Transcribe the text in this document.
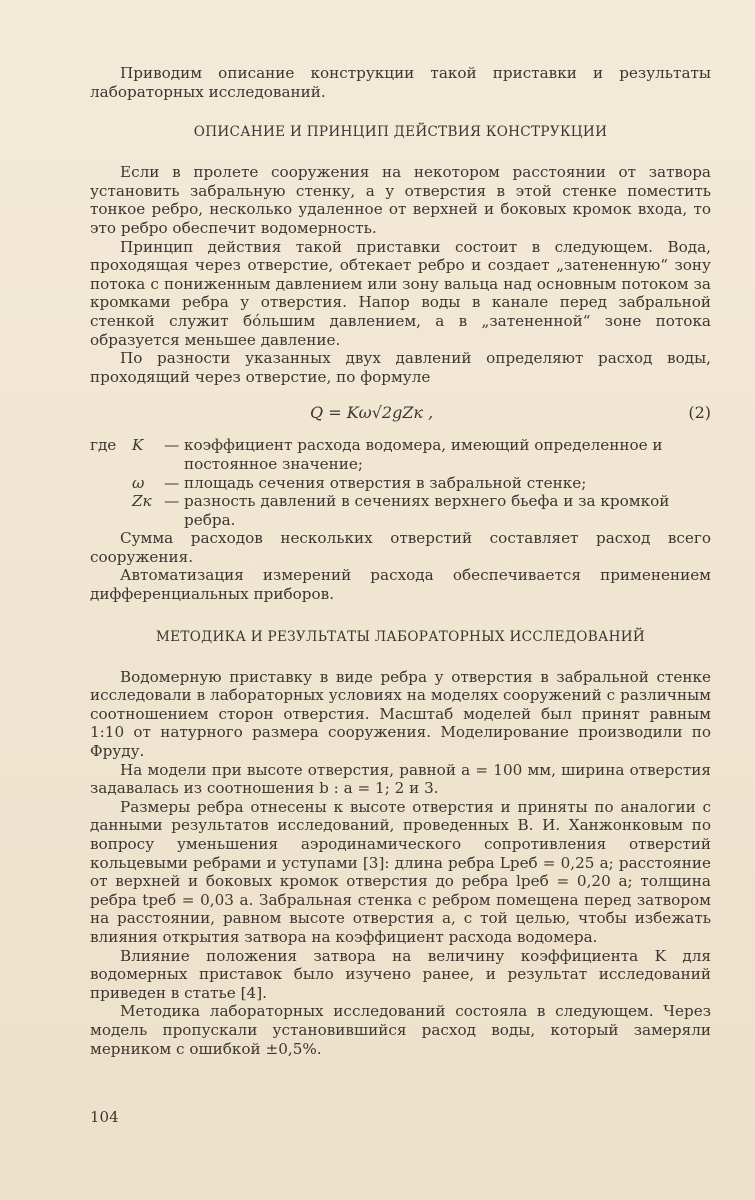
Приводим описание конструкции такой приставки и результаты лабораторных исследований.

ОПИСАНИЕ И ПРИНЦИП ДЕЙСТВИЯ КОНСТРУКЦИИ

Если в пролете сооружения на некотором расстоянии от затвора установить забральную стенку, а у отверстия в этой стенке поместить тонкое ребро, несколько удаленное от верхней и боковых кромок входа, то это ребро обеспечит водомерность.

Принцип действия такой приставки состоит в следующем. Вода, проходящая через отверстие, обтекает ребро и создает „затененную“ зону потока с пониженным давлением или зону вальца над основным потоком за кромками ребра у отверстия. Напор воды в канале перед забральной стенкой служит бо́льшим давлением, а в „затененной“ зоне потока образуется меньшее давление.

По разности указанных двух давлений определяют расход воды, проходящий через отверстие, по формуле

Q = Kω√2gZк ,	(2)
где	K	— коэффициент расхода водомера, имеющий определенное и
постоянное значение;
ω	— площадь сечения отверстия в забральной стенке;
Zк — разность давлений в сечениях верхнего бьефа и за кромкой
ребра.

Сумма расходов нескольких отверстий составляет расход всего сооружения.

Автоматизация измерений расхода обеспечивается применением дифференциальных приборов.

МЕТОДИКА И РЕЗУЛЬТАТЫ ЛАБОРАТОРНЫХ ИССЛЕДОВАНИЙ

Водомерную приставку в виде ребра у отверстия в забральной стенке исследовали в лабораторных условиях на моделях сооружений с различным соотношением сторон отверстия. Масштаб моделей был принят равным 1:10 от натурного размера сооружения. Моделирование производили по Фруду.

На модели при высоте отверстия, равной a = 100 мм, ширина отверстия задавалась из соотношения b : a = 1; 2 и 3.

Размеры ребра отнесены к высоте отверстия и приняты по аналогии с данными результатов исследований, проведенных В. И. Ханжонковым по вопросу уменьшения аэродинамического сопротивления отверстий кольцевыми ребрами и уступами [3]: длина ребра Lреб = 0,25 a; расстояние от верхней и боковых кромок отверстия до ребра lреб = 0,20 a; толщина ребра tреб = 0,03 a. Забральная стенка с ребром помещена перед затвором на расстоянии, равном высоте отверстия a, с той целью, чтобы избежать влияния открытия затвора на коэффициент расхода водомера.

Влияние положения затвора на величину коэффициента K для водомерных приставок было изучено ранее, и результат исследований приведен в статье [4].

Методика лабораторных исследований состояла в следующем. Через модель пропускали установившийся расход воды, который замеряли мерником с ошибкой ±0,5%.

104
